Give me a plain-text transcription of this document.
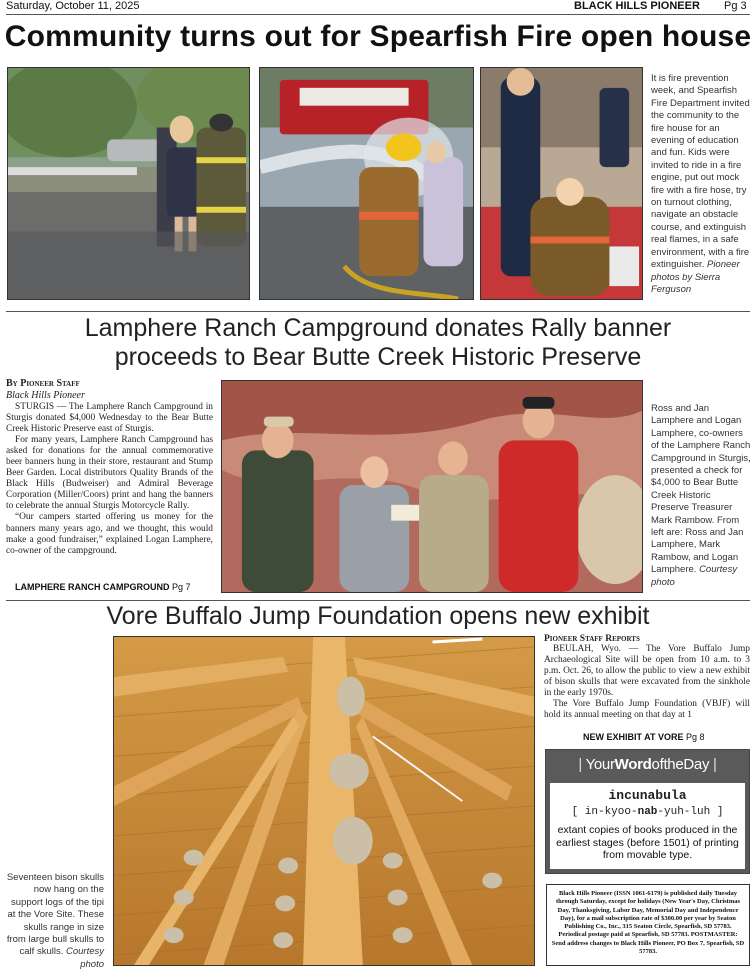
Saturday, October 11, 2025	BLACK HILLS PIONEER Pg 3
Community turns out for Spearfish Fire open house
It is fire prevention week, and Spearfish Fire Department invited the community to the fire house for an evening of education and fun. Kids were invited to ride in a fire engine, put out mock fire with a fire hose, try on turnout clothing, navigate an obstacle course, and extinguish real flames, in a safe environment, with a fire extinguisher. Pioneer photos by Sierra Ferguson
Lamphere Ranch Campground donates Rally banner
proceeds to Bear Butte Creek Historic Preserve
By Pioneer Staff
Black Hills Pioneer

STURGIS — The Lamphere Ranch Campground in Sturgis donated $4,000 Wednesday to the Bear Butte Creek Historic Preserve east of Sturgis.

For many years, Lamphere Ranch Campground has asked for donations for the annual commemorative beer banners hung in their store, restaurant and Stump Beer Garden. Local distributors Quality Brands of the Black Hills (Budweiser) and Admiral Beverage Corporation (Miller/Coors) print and hang the banners to celebrate the annual Sturgis Motorcycle Rally.

“Our campers started offering us money for the banners many years ago, and we thought, this would make a good fundraiser,” explained Logan Lamphere, co-owner of the campground.

LAMPHERE RANCH CAMPGROUND Pg 7
Ross and Jan Lamphere and Logan Lamphere, co-owners of the Lamphere Ranch Campground in Sturgis, presented a check for $4,000 to Bear Butte Creek Historic Preserve Treasurer Mark Rambow. From left are: Ross and Jan Lamphere, Mark Rambow, and Logan Lamphere. Courtesy photo
Vore Buffalo Jump Foundation opens new exhibit
Seventeen bison skulls now hang on the support logs of the tipi at the Vore Site. These skulls range in size from large bull skulls to calf skulls. Courtesy photo
Pioneer Staff Reports

BEULAH, Wyo. — The Vore Buffalo Jump Archaeological Site will be open from 10 a.m. to 3 p.m. Oct. 26, to allow the public to view a new exhibit of bison skulls that were excavated from the sinkhole in the early 1970s.

The Vore Buffalo Jump Foundation (VBJF) will hold its annual meeting on that day at 1

NEW EXHIBIT AT VORE Pg 8
| YourWordoftheDay |
incunabula
[ in-kyoo-nab-yuh-luh ]
extant copies of books produced in the earliest stages (before 1501) of printing from movable type.
Black Hills Pioneer (ISSN 1061-6179) is published daily Tuesday through Saturday, except for holidays (New Year's Day, Christmas Day, Thanksgiving, Labor Day, Memorial Day and Independence Day), for a mail subscription rate of $300.00 per year by Seaton Publishing Co., Inc., 315 Seaton Circle, Spearfish, SD 57783. Periodical postage paid at Spearfish, SD 57783. POSTMASTER: Send address changes to Black Hills Pioneer, PO Box 7, Spearfish, SD 57783.
